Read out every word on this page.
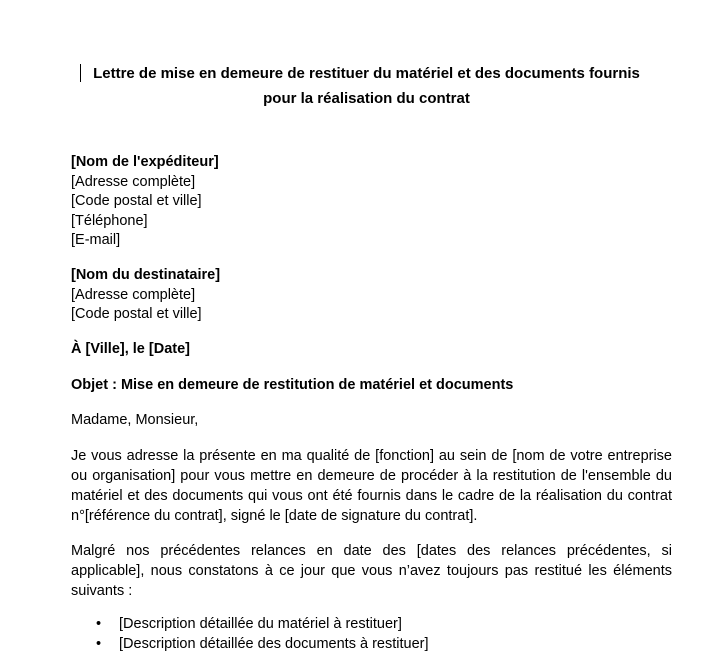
Lettre de mise en demeure de restituer du matériel et des documents fournis
pour la réalisation du contrat
[Nom de l'expéditeur]
[Adresse complète]
[Code postal et ville]
[Téléphone]
[E-mail]
[Nom du destinataire]
[Adresse complète]
[Code postal et ville]
À [Ville], le [Date]
Objet : Mise en demeure de restitution de matériel et documents
Madame, Monsieur,
Je vous adresse la présente en ma qualité de [fonction] au sein de [nom de votre entreprise
ou organisation] pour vous mettre en demeure de procéder à la restitution de l'ensemble du
matériel et des documents qui vous ont été fournis dans le cadre de la réalisation du contrat
n°[référence du contrat], signé le [date de signature du contrat].
Malgré nos précédentes relances en date des [dates des relances précédentes, si
applicable], nous constatons à ce jour que vous n’avez toujours pas restitué les éléments
suivants :
• [Description détaillée du matériel à restituer]
• [Description détaillée des documents à restituer]
